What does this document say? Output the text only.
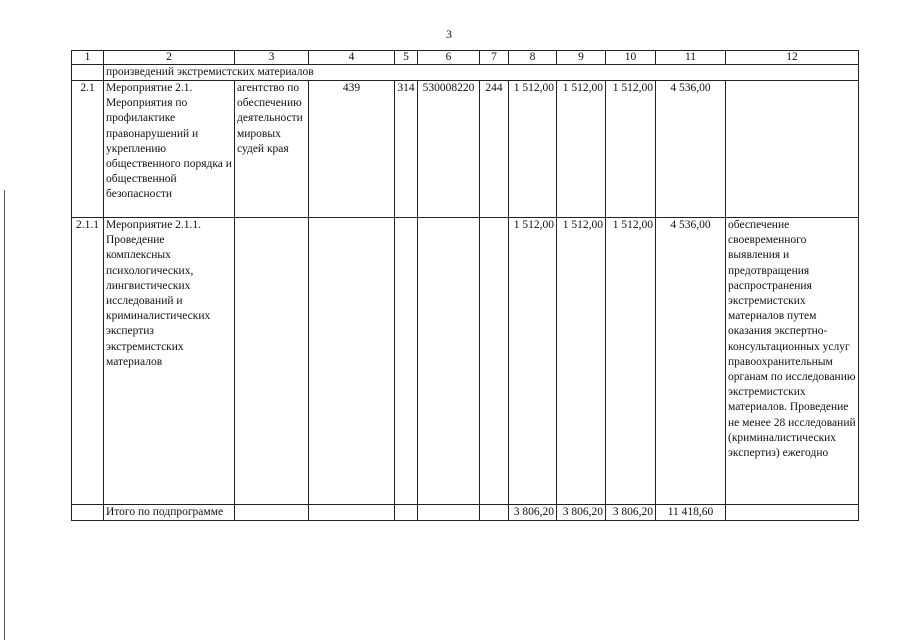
3
1	2	3	4	5	6	7	8	9	10	11	12
	произведений экстремистских материалов										
2.1	Мероприятие 2.1. Мероприятия по профилактике правонарушений и укреплению общественного порядка и общественной безопасности	агентство по обеспечению деятельности мировых судей края	439	314	530008220	244	1 512,00	1 512,00	1 512,00	4 536,00	
2.1.1	Мероприятие 2.1.1. Проведение комплексных психологических, лингвистических исследований и криминалистических экспертиз экстремистских материалов						1 512,00	1 512,00	1 512,00	4 536,00	обеспечение своевременного выявления и предотвращения распространения экстремистских материалов путем оказания экспертно-консультационных услуг правоохранительным органам по исследованию экстремистских материалов. Проведение не менее 28 исследований (криминалистических экспертиз) ежегодно
	Итого по подпрограмме						3 806,20	3 806,20	3 806,20	11 418,60	
